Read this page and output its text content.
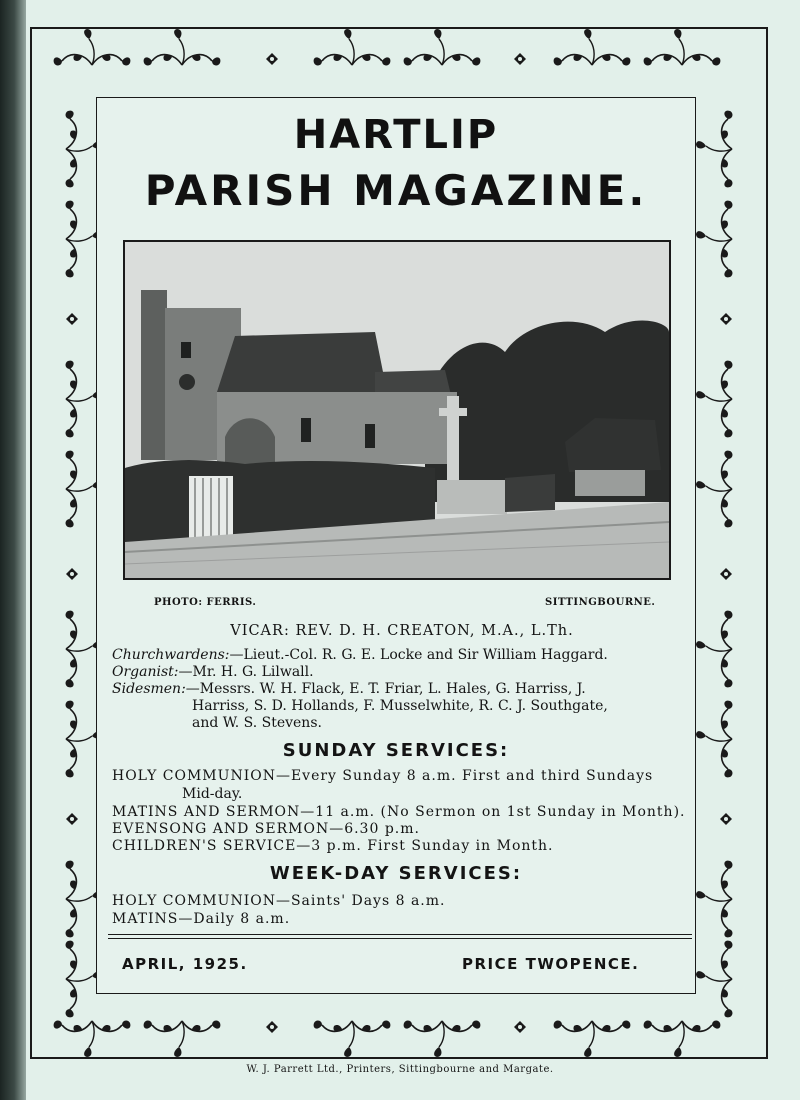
HARTLIP
PARISH MAGAZINE.
PHOTO: FERRIS.	SITTINGBOURNE.
VICAR: REV. D. H. CREATON, M.A., L.Th.
Churchwardens:—Lieut.-Col. R. G. E. Locke and Sir William Haggard.
Organist:—Mr. H. G. Lilwall.
Sidesmen:—Messrs. W. H. Flack, E. T. Friar, L. Hales, G. Harriss, J.
Harriss, S. D. Hollands, F. Musselwhite, R. C. J. Southgate,
and W. S. Stevens.
SUNDAY SERVICES:
HOLY COMMUNION—Every Sunday 8 a.m. First and third Sundays
Mid-day.
MATINS AND SERMON—11 a.m. (No Sermon on 1st Sunday in Month).
EVENSONG AND SERMON—6.30 p.m.
CHILDREN'S SERVICE—3 p.m. First Sunday in Month.
WEEK-DAY SERVICES:
HOLY COMMUNION—Saints' Days 8 a.m.
MATINS—Daily 8 a.m.
APRIL, 1925.	PRICE TWOPENCE.
W. J. Parrett Ltd., Printers, Sittingbourne and Margate.
